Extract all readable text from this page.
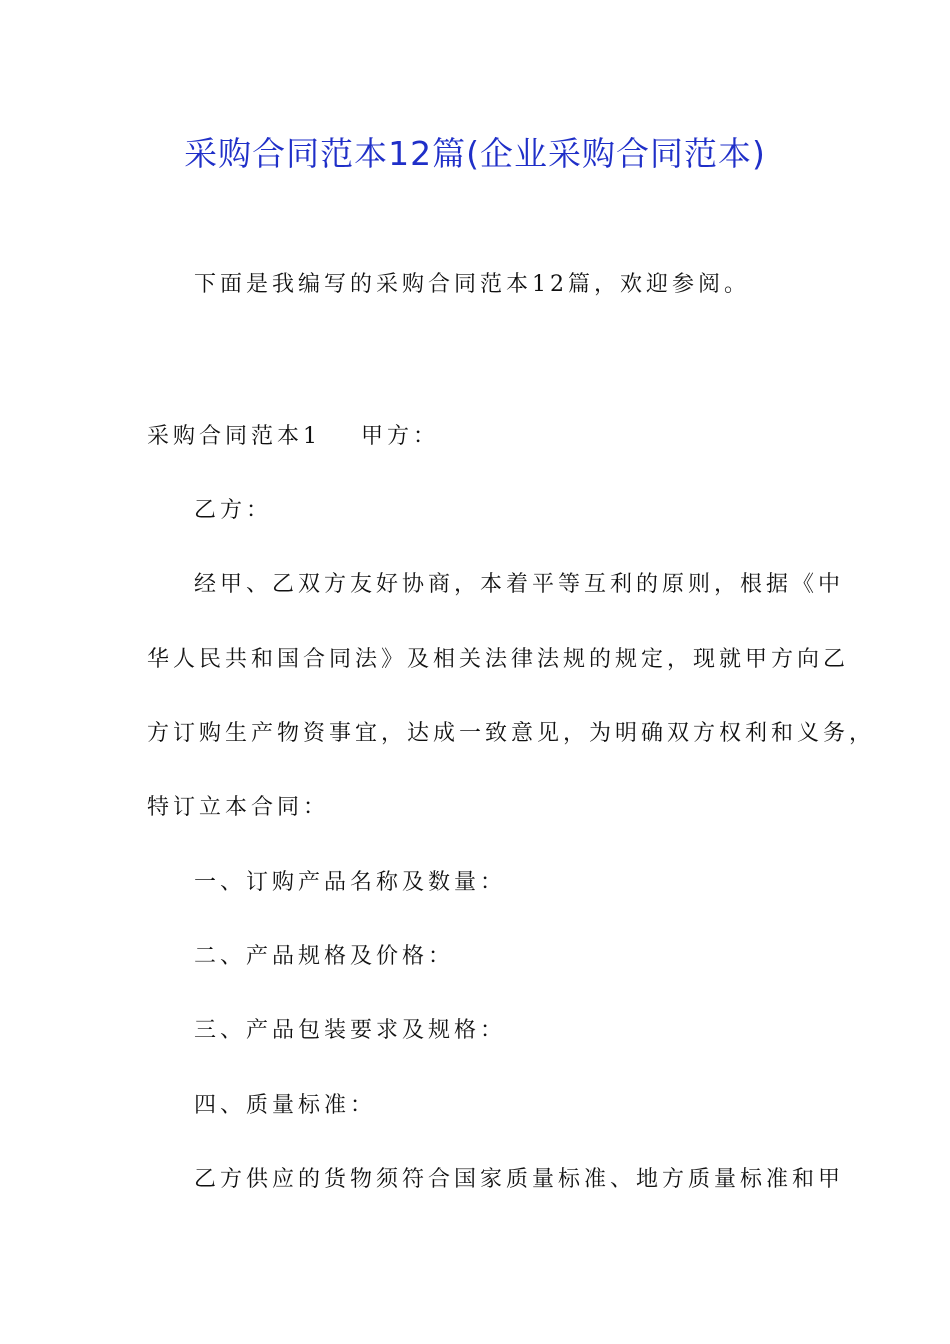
采购合同范本12篇(企业采购合同范本)
下面是我编写的采购合同范本12篇，欢迎参阅。
采购合同范本1 甲方：
乙方：
经甲、乙双方友好协商，本着平等互利的原则，根据《中
华人民共和国合同法》及相关法律法规的规定，现就甲方向乙
方订购生产物资事宜，达成一致意见，为明确双方权利和义务，
特订立本合同：
一、订购产品名称及数量：
二、产品规格及价格：
三、产品包装要求及规格：
四、质量标准：
乙方供应的货物须符合国家质量标准、地方质量标准和甲
